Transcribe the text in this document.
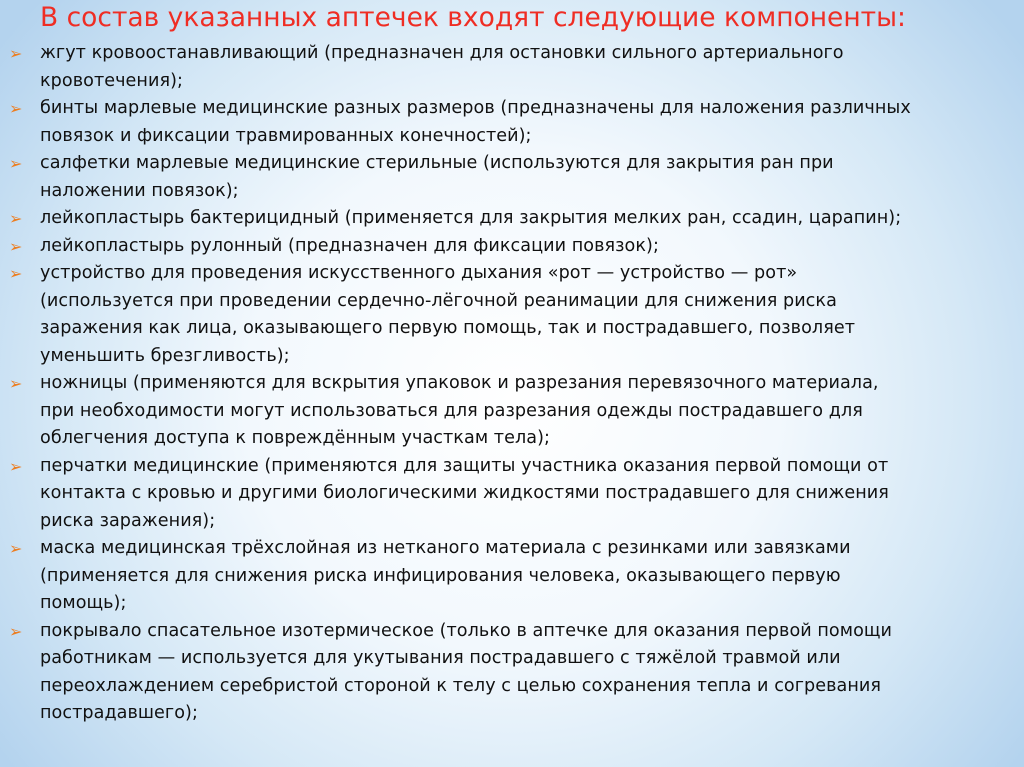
В состав указанных аптечек входят следующие компоненты:
➢ жгут кровоостанавливающий (предназначен для остановки сильного артериального
кровотечения);
➢ бинты марлевые медицинские разных размеров (предназначены для наложения различных
повязок и фиксации травмированных конечностей);
➢ салфетки марлевые медицинские стерильные (используются для закрытия ран при
наложении повязок);
➢ лейкопластырь бактерицидный (применяется для закрытия мелких ран, ссадин, царапин);
➢ лейкопластырь рулонный (предназначен для фиксации повязок);
➢ устройство для проведения искусственного дыхания «рот — устройство — рот»
(используется при проведении сердечно-лёгочной реанимации для снижения риска
заражения как лица, оказывающего первую помощь, так и пострадавшего, позволяет
уменьшить брезгливость);
➢ ножницы (применяются для вскрытия упаковок и разрезания перевязочного материала,
при необходимости могут использоваться для разрезания одежды пострадавшего для
облегчения доступа к повреждённым участкам тела);
➢ перчатки медицинские (применяются для защиты участника оказания первой помощи от
контакта с кровью и другими биологическими жидкостями пострадавшего для снижения
риска заражения);
➢ маска медицинская трёхслойная из нетканого материала с резинками или завязками
(применяется для снижения риска инфицирования человека, оказывающего первую
помощь);
➢ покрывало спасательное изотермическое (только в аптечке для оказания первой помощи
работникам — используется для укутывания пострадавшего с тяжёлой травмой или
переохлаждением серебристой стороной к телу с целью сохранения тепла и согревания
пострадавшего);
